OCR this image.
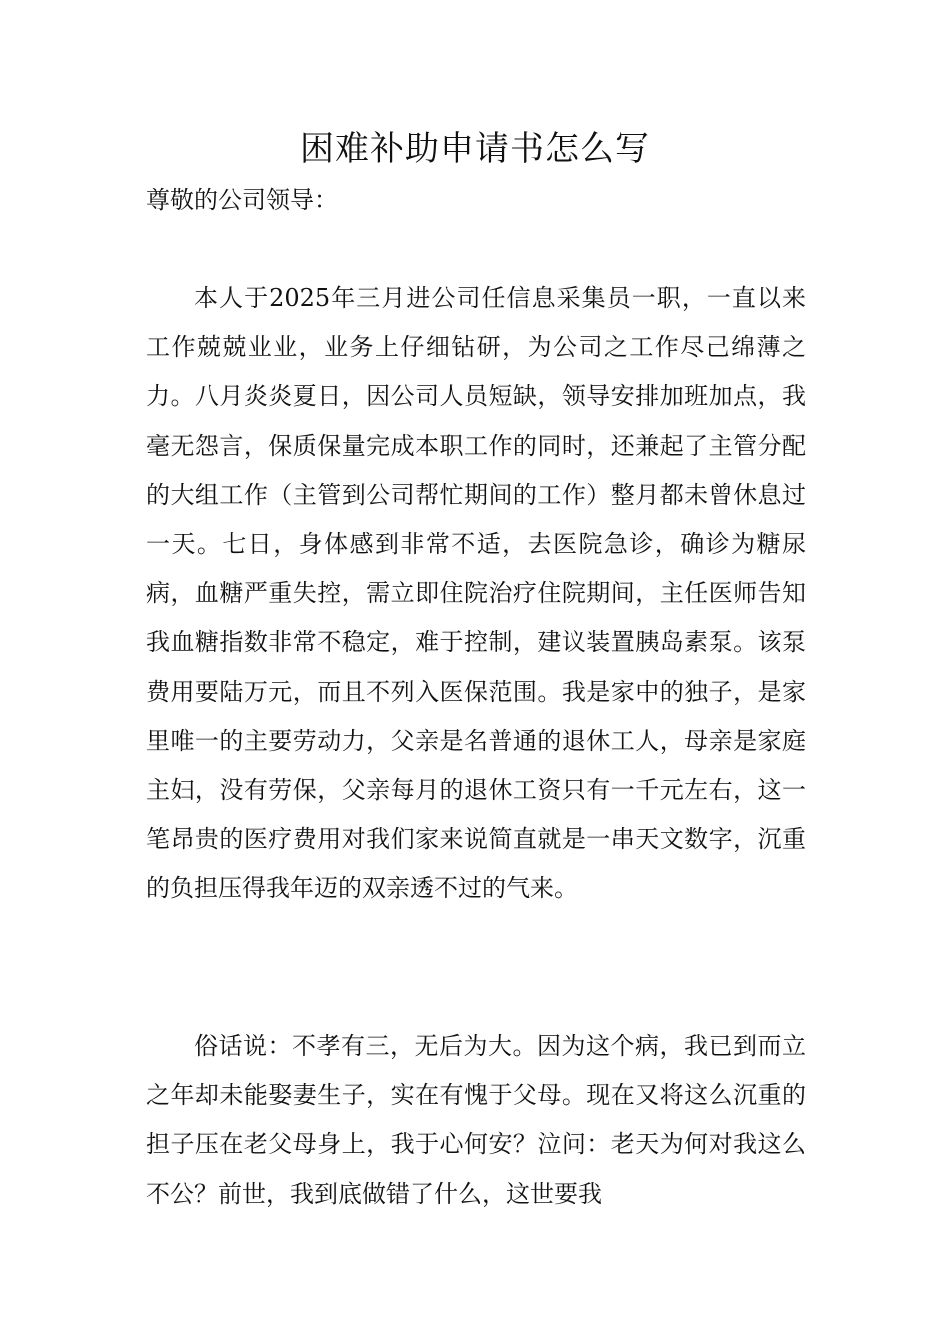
困难补助申请书怎么写

尊敬的公司领导：

本人于2025年三月进公司任信息采集员一职，一直以来工作兢兢业业，业务上仔细钻研，为公司之工作尽己绵薄之力。八月炎炎夏日，因公司人员短缺，领导安排加班加点，我毫无怨言，保质保量完成本职工作的同时，还兼起了主管分配的大组工作（主管到公司帮忙期间的工作）整月都未曾休息过一天。七日，身体感到非常不适，去医院急诊，确诊为糖尿病，血糖严重失控，需立即住院治疗住院期间，主任医师告知我血糖指数非常不稳定，难于控制，建议装置胰岛素泵。该泵费用要陆万元，而且不列入医保范围。我是家中的独子，是家里唯一的主要劳动力，父亲是名普通的退休工人，母亲是家庭主妇，没有劳保，父亲每月的退休工资只有一千元左右，这一笔昂贵的医疗费用对我们家来说简直就是一串天文数字，沉重的负担压得我年迈的双亲透不过的气来。

俗话说：不孝有三，无后为大。因为这个病，我已到而立之年却未能娶妻生子，实在有愧于父母。现在又将这么沉重的担子压在老父母身上，我于心何安？泣问：老天为何对我这么不公？前世，我到底做错了什么，这世要我
